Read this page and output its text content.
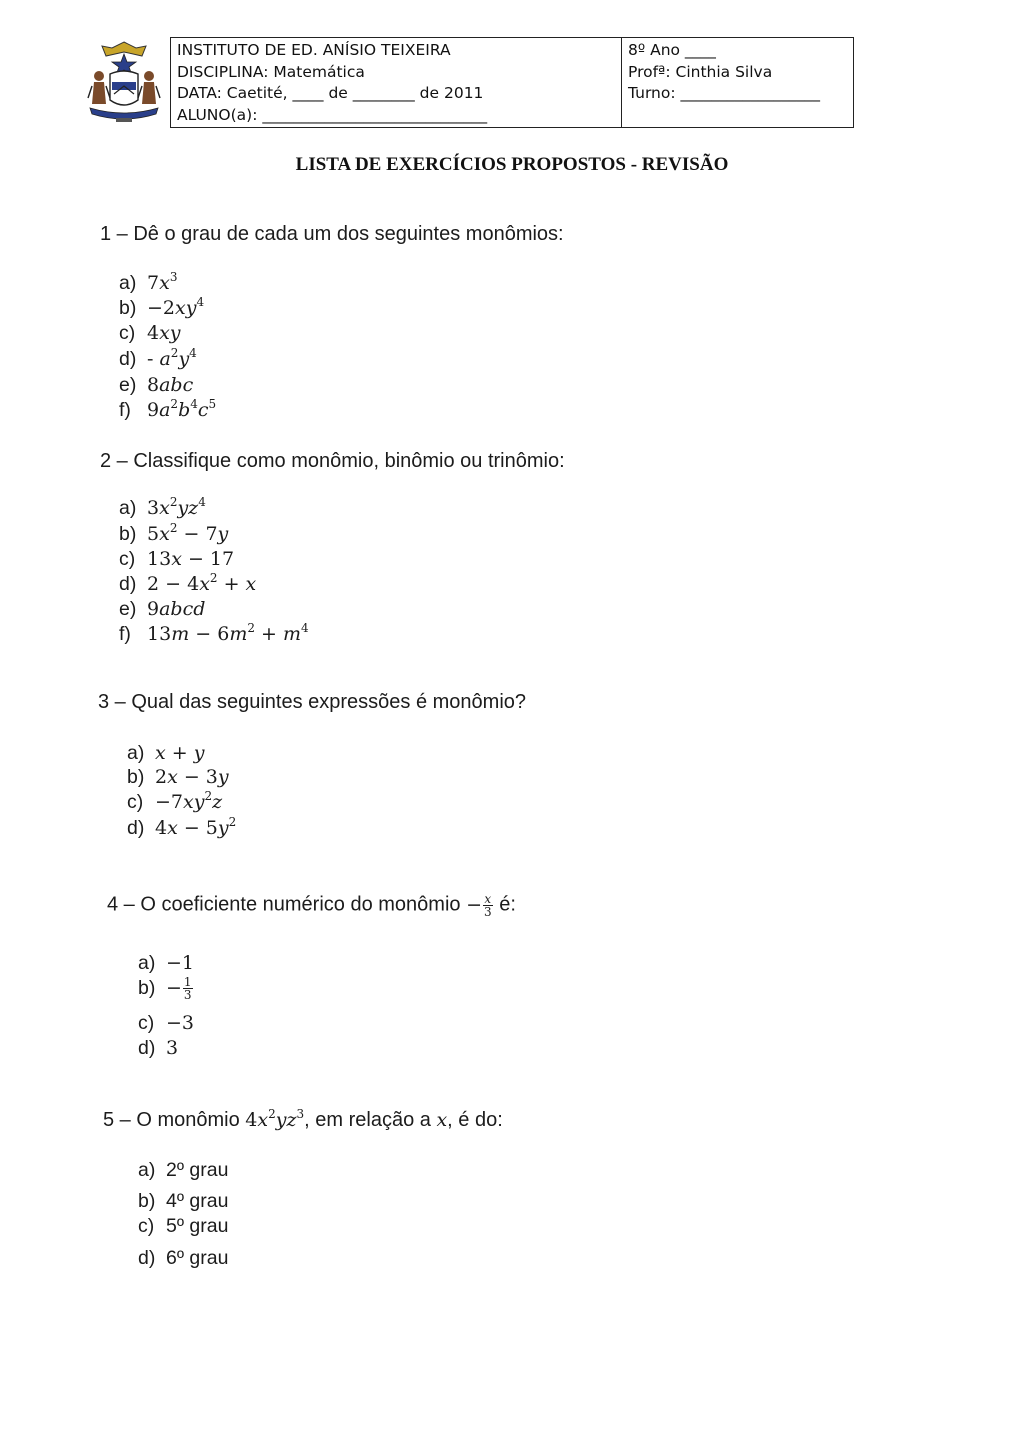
INSTITUTO DE ED. ANÍSIO TEIXEIRA
DISCIPLINA: Matemática
DATA: Caetité, ____ de ________ de 2011
ALUNO(a): _____________________________
8º Ano ____
Profª: Cinthia Silva
Turno: __________________
LISTA DE EXERCÍCIOS PROPOSTOS - REVISÃO
1 – Dê o grau de cada um dos seguintes monômios:
a) $7x^3$
$b) -2xy^4$
c) 4xy
$d) - a^2y^4$
e) 8abc
f) $9a^2b^4c^5$
2 – Classifique como monômio, binômio ou trinômio:
a) $3x^2yz^4$
b) $5x^2 - 7y$
c) 13x − 17
d) $2 - 4x^2 + x$
e) 9abcd
f) $13m - 6m^2 + m^4$
3 – Qual das seguintes expressões é monômio?
a) x + y
b) 2x − 3y
$c) -7xy^2z$
d) $4x - 5y^2$
4 – O coeficiente numérico do monômio − $\frac{x}{3}$ é:
a) −1
$b) - \frac{1}{3}$
c) −3
d) 3
5 – O monômio $4x^2yz^3$, em relação a x, é do:
a) 2º grau
b) 4º grau
c) 5º grau
d) 6º grau
